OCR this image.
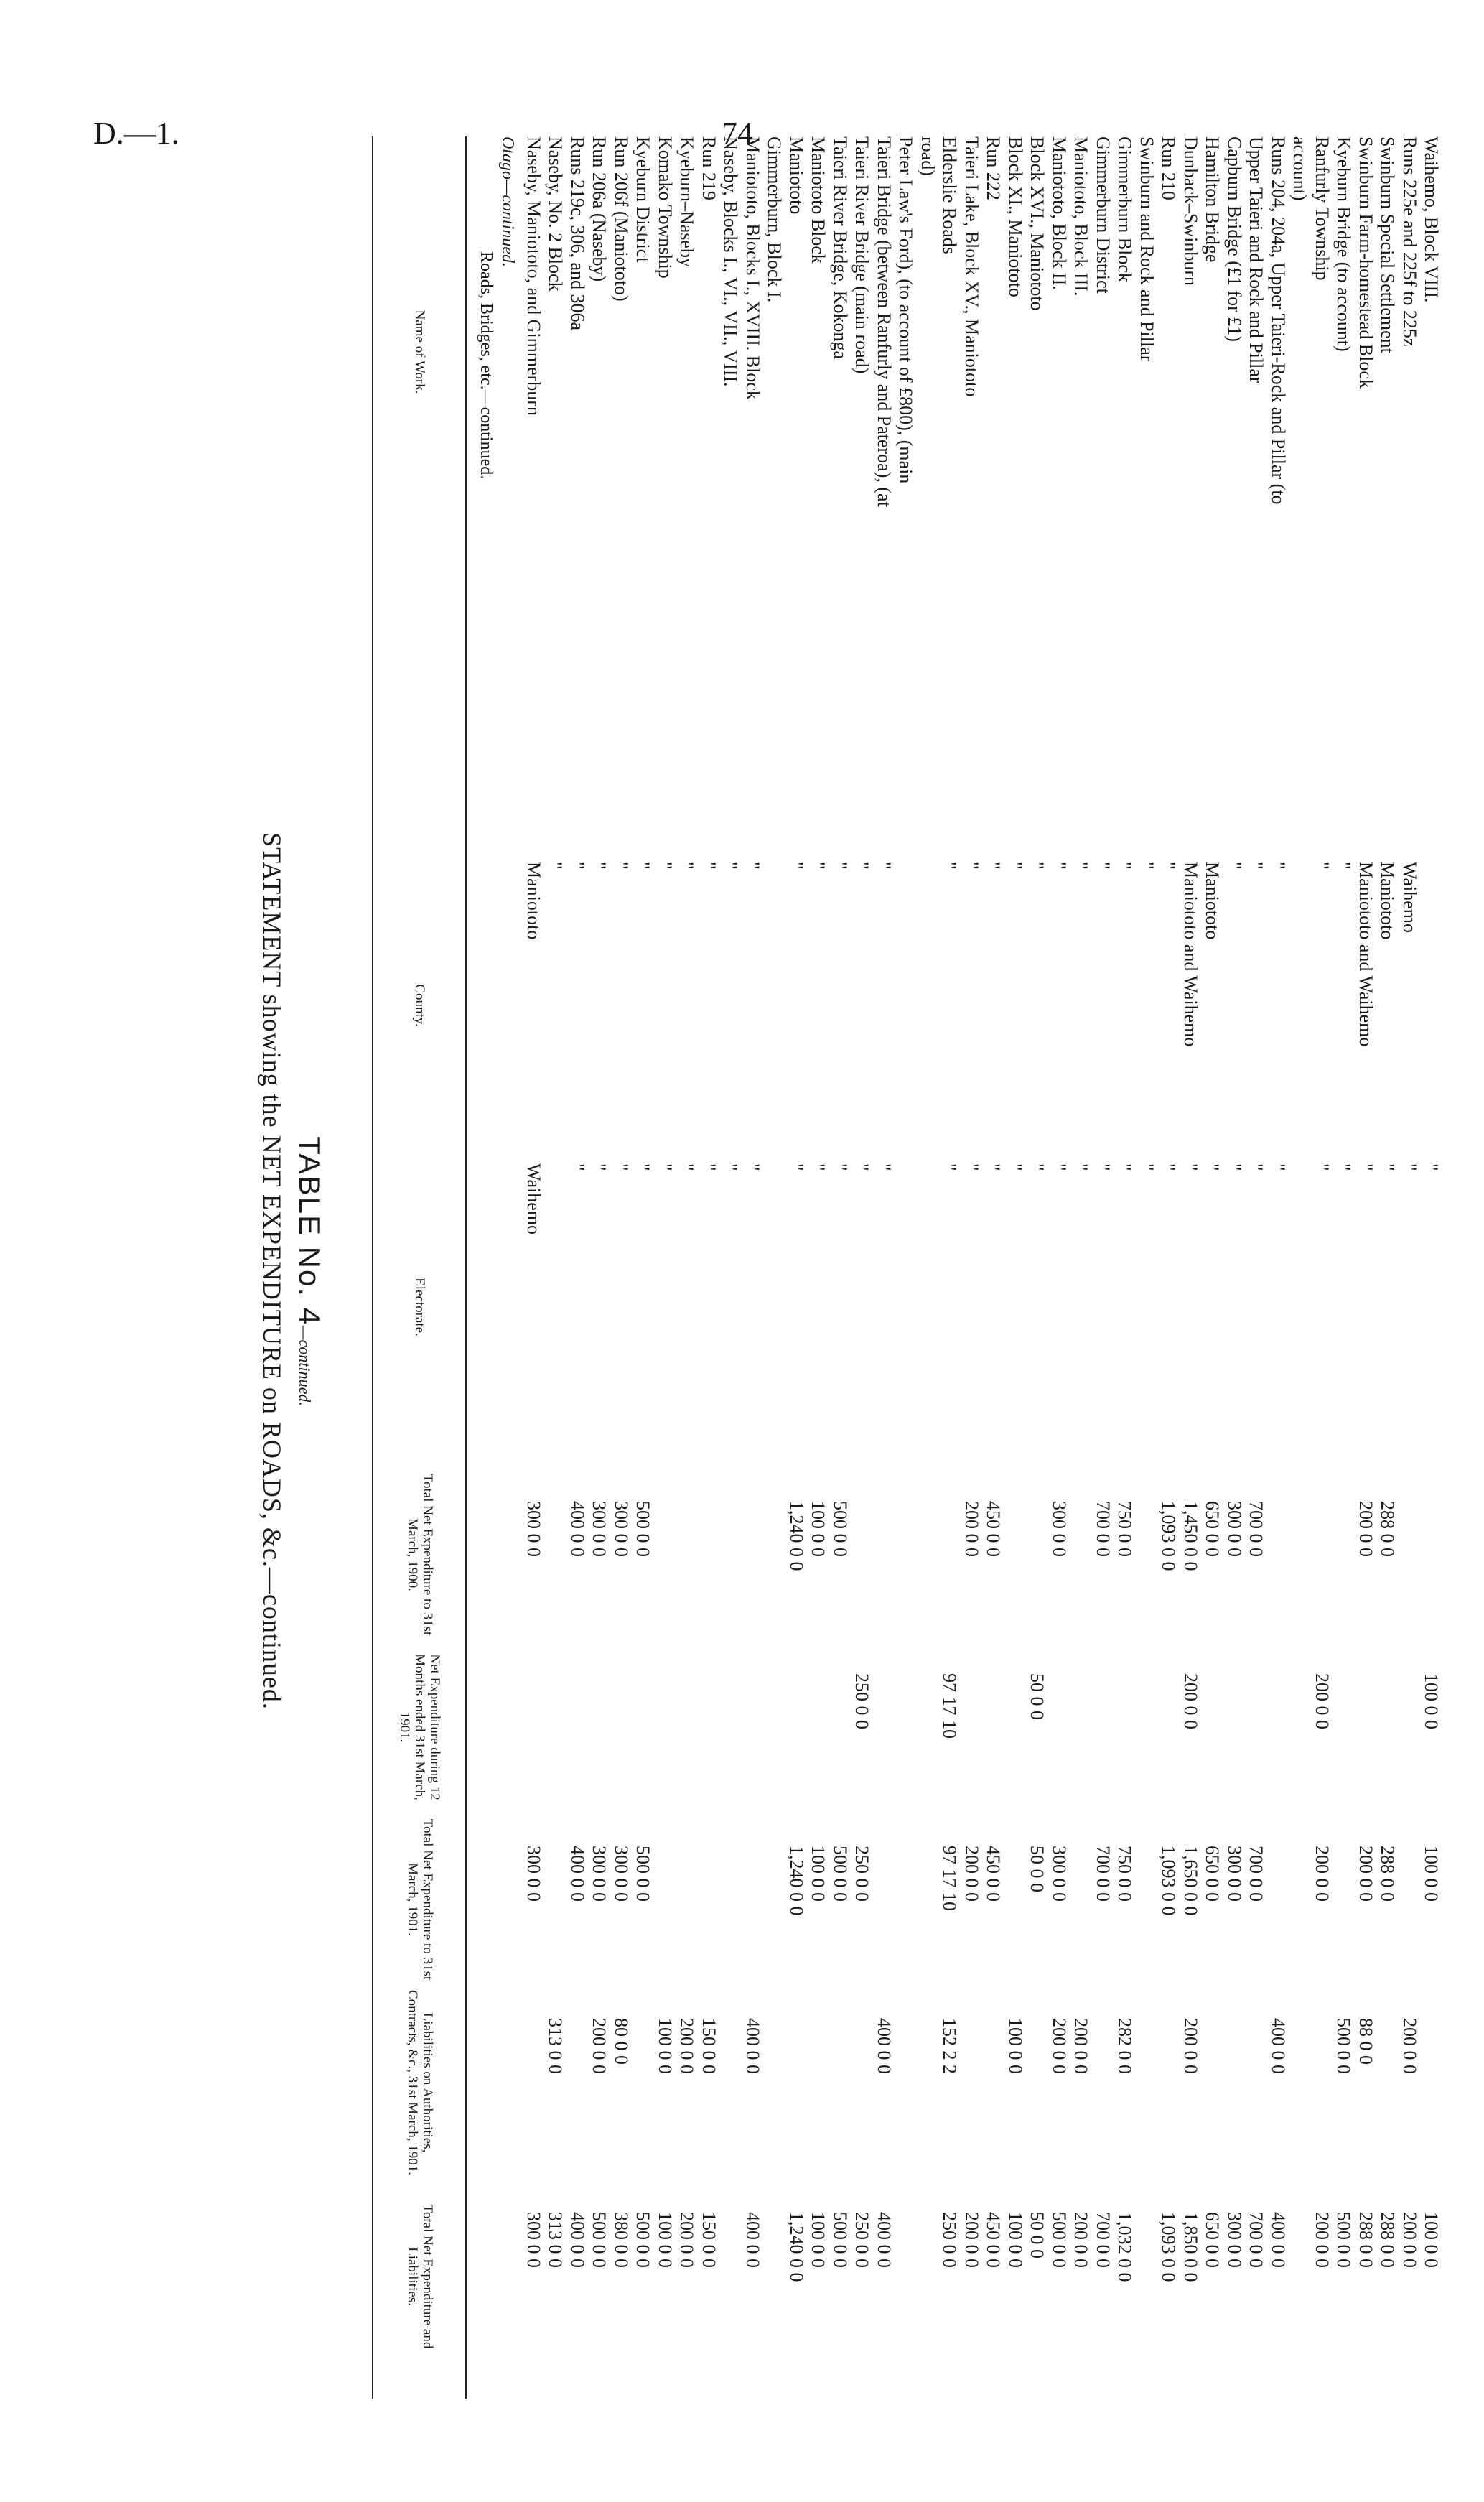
D.—1.	74
TABLE No. 4—continued.
STATEMENT showing the NET EXPENDITURE on ROADS, &c.—continued.
Name of Work.
County.
Electorate.
Total Net Expenditure to 31st March, 1900.
Net Expenditure during 12 Months ended 31st March, 1901.
Total Net Expenditure to 31st March, 1901.
Liabilities on Authorities, Contracts, &c., 31st March, 1901.
Total Net Expenditure and Liabilities.
Roads, Bridges, etc.—continued.
Otago—continued. Naseby, Maniototo, and Gimmerburn
Maniototo
Waihemo
300 0 0
300 0 0
300 0 0
Naseby, No. 2 Block
"
313 0 0
313 0 0
Runs 219c, 306, and 306a
"
"
400 0 0
400 0 0
400 0 0
Run 206a (Naseby)
"
"
300 0 0
300 0 0
200 0 0
500 0 0
Run 206f (Maniototo)
"
"
300 0 0
300 0 0
80 0 0
380 0 0
Kyeburn District
"
"
500 0 0
500 0 0
500 0 0
Komako Township
"
"
100 0 0
100 0 0
Kyeburn–Naseby
"
"
200 0 0
200 0 0
Run 219
"
"
150 0 0
150 0 0
Naseby, Blocks I., VI., VII., VIII.
"
"
Maniototo, Blocks I., XVIII. Block
"
"
400 0 0
400 0 0
Gimmerburn, Block I. Maniototo
"
"
1,240 0 0
1,240 0 0
1,240 0 0
Maniototo Block
"
"
100 0 0
100 0 0
100 0 0
Taieri River Bridge, Kokonga
"
"
500 0 0
500 0 0
500 0 0
Taieri River Bridge (main road)
"
"
250 0 0
250 0 0
250 0 0
Taieri Bridge (between Ranfurly and Pateroa), (at
"
"
400 0 0
400 0 0
Peter Law's Ford), (to account of £800), (main road) Elderslie Roads
"
"
97 17 10
97 17 10
152 2 2
250 0 0
Taieri Lake, Block XV., Maniototo
"
"
200 0 0
200 0 0
200 0 0
Run 222
"
"
450 0 0
450 0 0
450 0 0
Block XI., Maniototo
"
"
100 0 0
100 0 0
Block XVI., Maniototo
"
"
50 0 0
50 0 0
50 0 0
Maniototo, Block II.
"
"
300 0 0
300 0 0
200 0 0
500 0 0
Maniototo, Block III.
"
"
200 0 0
200 0 0
Gimmerburn District
"
"
700 0 0
700 0 0
700 0 0
Gimmerburn Block
"
"
750 0 0
750 0 0
282 0 0
1,032 0 0
Swinburn and Rock and Pillar
"
"
Run 210
"
"
1,093 0 0
1,093 0 0
1,093 0 0
Dunback–Swinburn
Maniototo and Waihemo
"
1,450 0 0
200 0 0
1,650 0 0
200 0 0
1,850 0 0
Hamilton Bridge
Maniototo
"
650 0 0
650 0 0
650 0 0
Capburn Bridge (£1 for £1)
"
"
300 0 0
300 0 0
300 0 0
Upper Taieri and Rock and Pillar
"
"
700 0 0
700 0 0
700 0 0
Runs 204, 204a, Upper Taieri-Rock and Pillar (to
"
"
400 0 0
400 0 0
account) Ranfurly Township
"
"
200 0 0
200 0 0
200 0 0
Kyeburn Bridge (to account)
"
"
500 0 0
500 0 0
Swinburn Farm-homestead Block
Maniototo and Waihemo
"
200 0 0
200 0 0
88 0 0
288 0 0
Swinburn Special Settlement
Maniototo
"
288 0 0
288 0 0
288 0 0
Runs 225e and 225f to 225z
Waihemo
"
200 0 0
200 0 0
Waihemo, Block VIII.
"
100 0 0
100 0 0
100 0 0
